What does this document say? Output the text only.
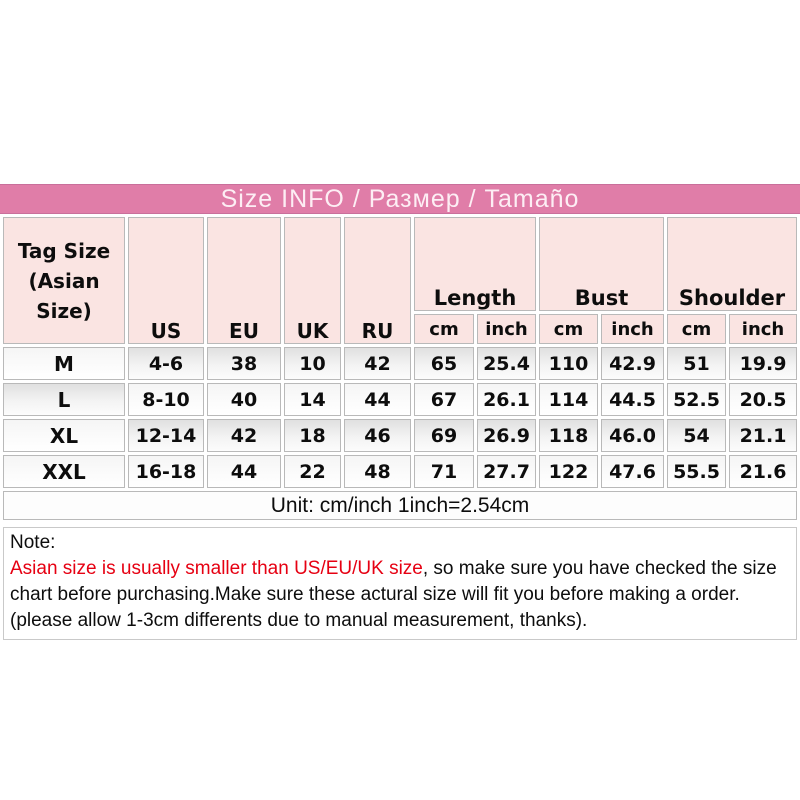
Size INFO / Размер / Tamaño
Tag Size (Asian Size)	US	EU	UK	RU	Length		Bust		Shoulder	
					cm	inch	cm	inch	cm	inch
M	4-6	38	10	42	65	25.4	110	42.9	51	19.9
L	8-10	40	14	44	67	26.1	114	44.5	52.5	20.5
XL	12-14	42	18	46	69	26.9	118	46.0	54	21.1
XXL	16-18	44	22	48	71	27.7	122	47.6	55.5	21.6
Unit: cm/inch 1inch=2.54cm										
Note:
Asian size is usually smaller than US/EU/UK size, so make sure you have checked the size chart before purchasing.Make sure these actural size will fit you before making a order.(please allow 1-3cm differents due to manual measurement, thanks).
